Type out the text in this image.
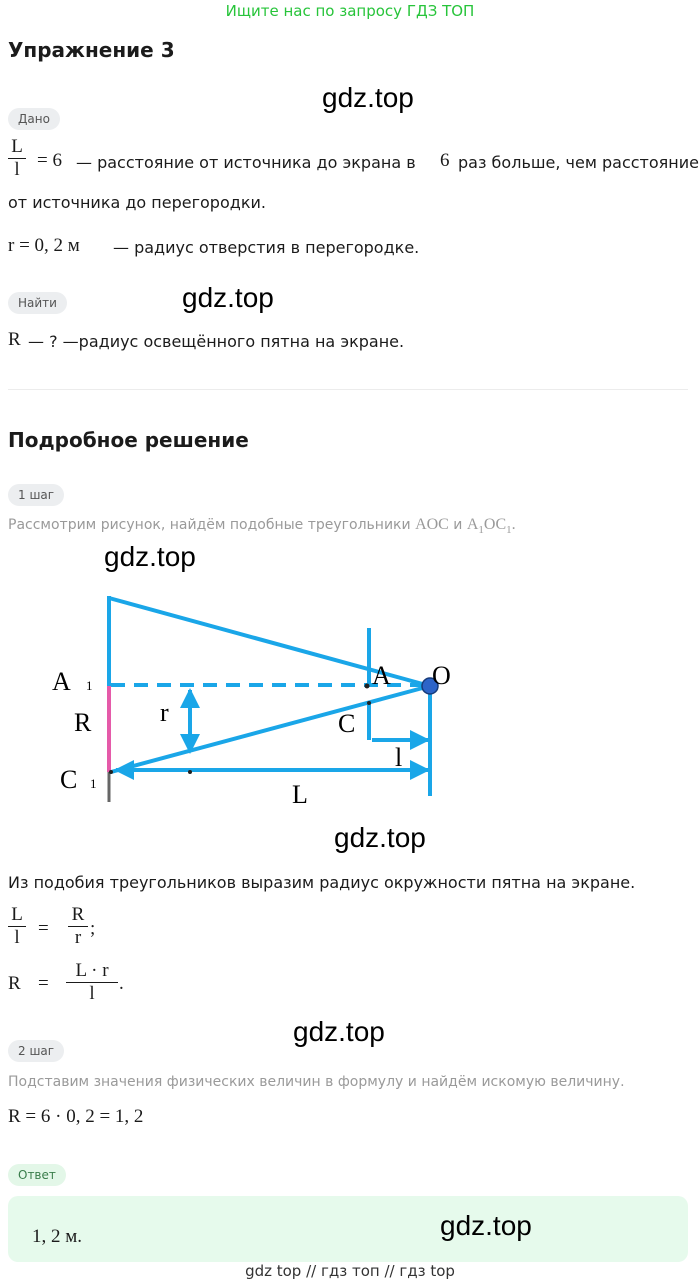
Ищите нас по запросу ГДЗ ТОП
Упражнение 3
gdz.top
Дано
L
l = 6 — расстояние от источника до экрана в 6 раз больше, чем расстояние
от источника до перегородки.
r = 0, 2 м — радиус отверстия в перегородке.
Найти	gdz.top
R — ? —радиус освещённого пятна на экране.
Подробное решение
1 шаг
Рассмотрим рисунок, найдём подобные треугольники AOC и $A_1OC_1$.
gdz.top
A 1
R
C 1
r
A O
C
l
L
gdz.top
Из подобия треугольников выразим радиус окружности пятна на экране.
L
l =
R
r ;
R =
L · r
l	.
gdz.top
2 шаг
Подставим значения физических величин в формулу и найдём искомую величину.
R = 6 · 0, 2 = 1, 2
Ответ
1, 2 м.	gdz.top
gdz top // гдз топ // гдз top
